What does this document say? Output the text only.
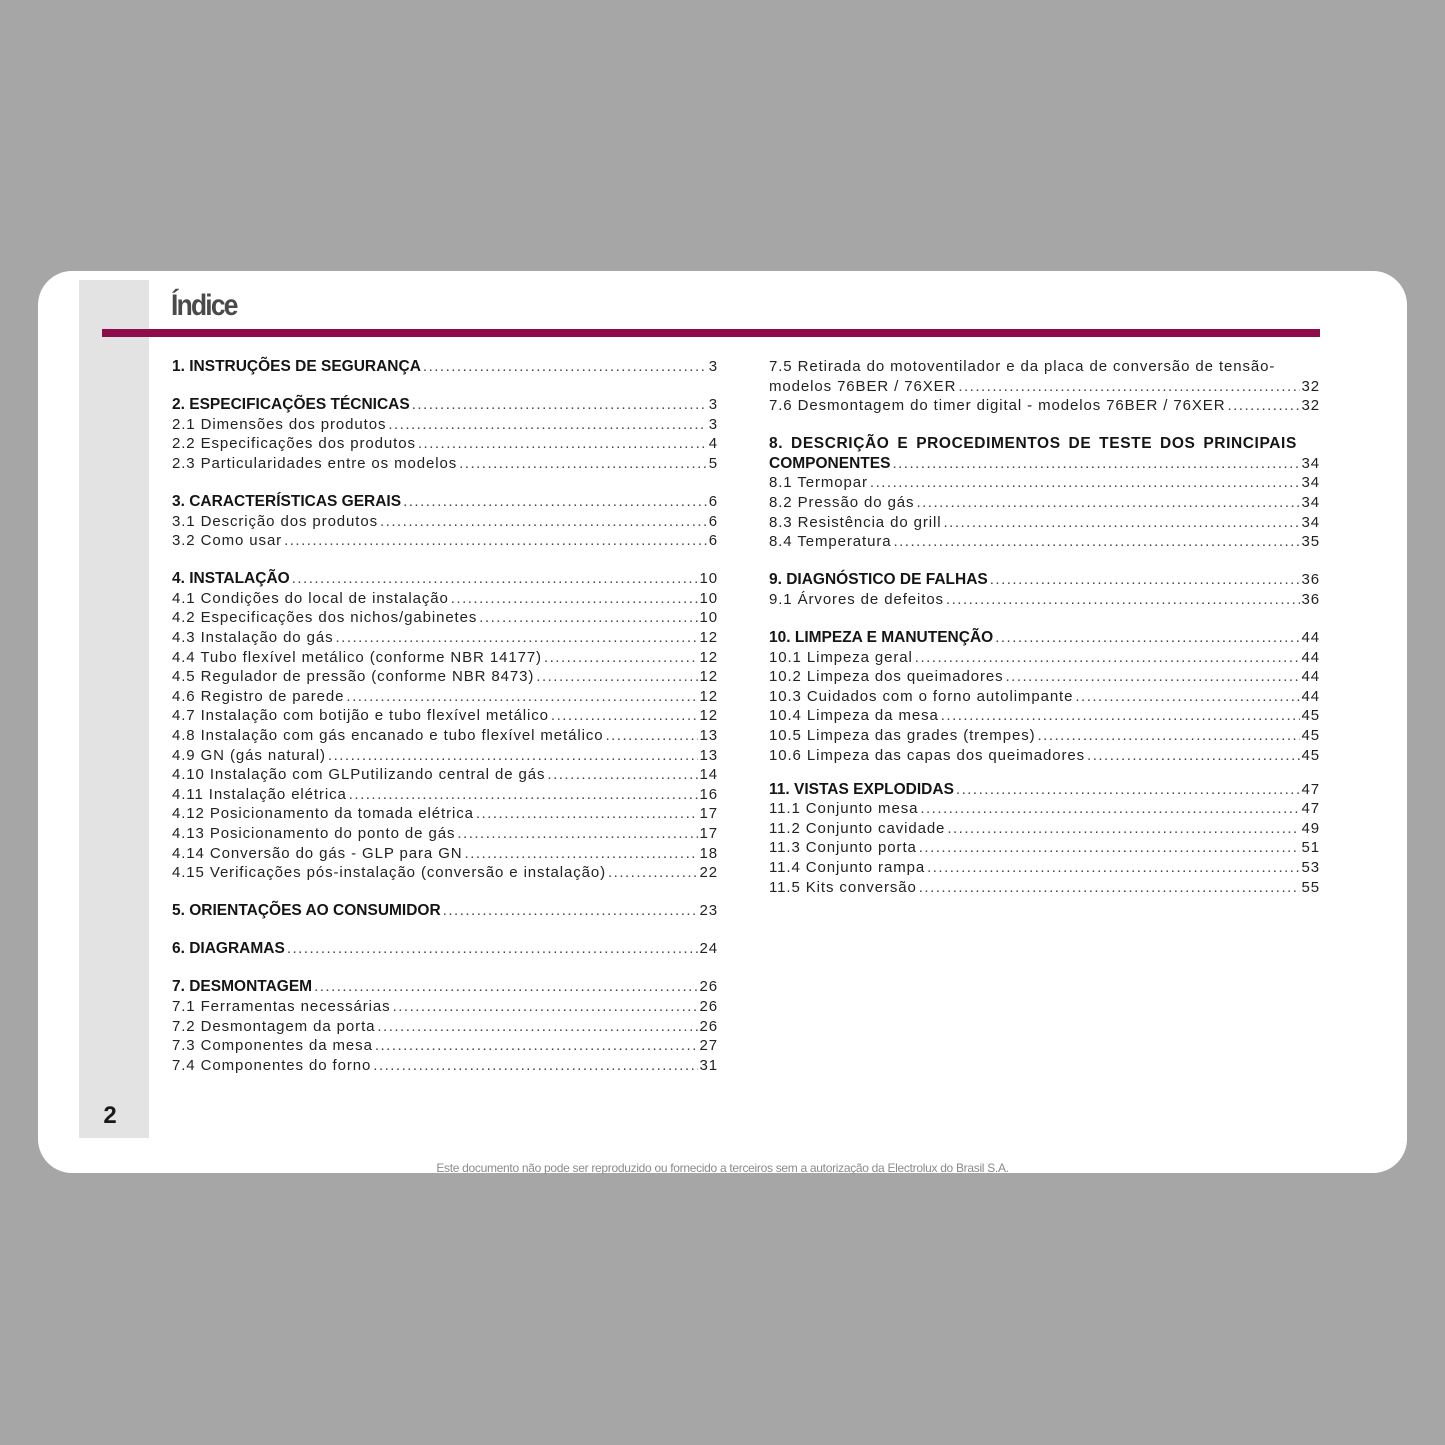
2
Índice
1. INSTRUÇÕES DE SEGURANÇA .....	3
2. ESPECIFICAÇÕES TÉCNICAS .....	3
2.1 Dimensões dos produtos .....	3
2.2 Especificações dos produtos .....	4
2.3 Particularidades entre os modelos .....	5
3. CARACTERÍSTICAS GERAIS .....	6
3.1 Descrição dos produtos .....	6
3.2 Como usar .....	6
4. INSTALAÇÃO .....	10
4.1 Condições do local de instalação .....	10
4.2 Especificações dos nichos/gabinetes .....	10
4.3 Instalação do gás .....	12
4.4 Tubo flexível metálico (conforme NBR 14177) .....	12
4.5 Regulador de pressão (conforme NBR 8473) .....	12
4.6 Registro de parede .....	12
4.7 Instalação com botijão e tubo flexível metálico .....	12
4.8 Instalação com gás encanado e tubo flexível metálico .....	13
4.9 GN (gás natural) .....	13
4.10 Instalação com GLPutilizando central de gás .....	14
4.11 Instalação elétrica .....	16
4.12 Posicionamento da tomada elétrica .....	17
4.13 Posicionamento do ponto de gás .....	17
4.14 Conversão do gás - GLP para GN .....	18
4.15 Verificações pós-instalação (conversão e instalação) .....	22
5. ORIENTAÇÕES AO CONSUMIDOR .....	23
6. DIAGRAMAS .....	24
7. DESMONTAGEM .....	26
7.1 Ferramentas necessárias .....	26
7.2 Desmontagem da porta .....	26
7.3 Componentes da mesa .....	27
7.4 Componentes do forno .....	31
7.5 Retirada do motoventilador e da placa de conversão de tensão-
modelos 76BER / 76XER .....	32
7.6 Desmontagem do timer digital - modelos 76BER / 76XER .....	32
8. DESCRIÇÃO E PROCEDIMENTOS DE TESTE DOS PRINCIPAIS
COMPONENTES .....	34
8.1 Termopar .....	34
8.2 Pressão do gás .....	34
8.3 Resistência do grill .....	34
8.4 Temperatura .....	35
9. DIAGNÓSTICO DE FALHAS .....	36
9.1 Árvores de defeitos .....	36
10. LIMPEZA E MANUTENÇÃO .....	44
10.1 Limpeza geral .....	44
10.2 Limpeza dos queimadores .....	44
10.3 Cuidados com o forno autolimpante .....	44
10.4 Limpeza da mesa .....	45
10.5 Limpeza das grades (trempes) .....	45
10.6 Limpeza das capas dos queimadores .....	45
11. VISTAS EXPLODIDAS .....	47
11.1 Conjunto mesa .....	47
11.2 Conjunto cavidade .....	49
11.3 Conjunto porta .....	51
11.4 Conjunto rampa .....	53
11.5 Kits conversão .....	55
Este documento não pode ser reproduzido ou fornecido a terceiros sem a autorização da Electrolux do Brasil S.A.
